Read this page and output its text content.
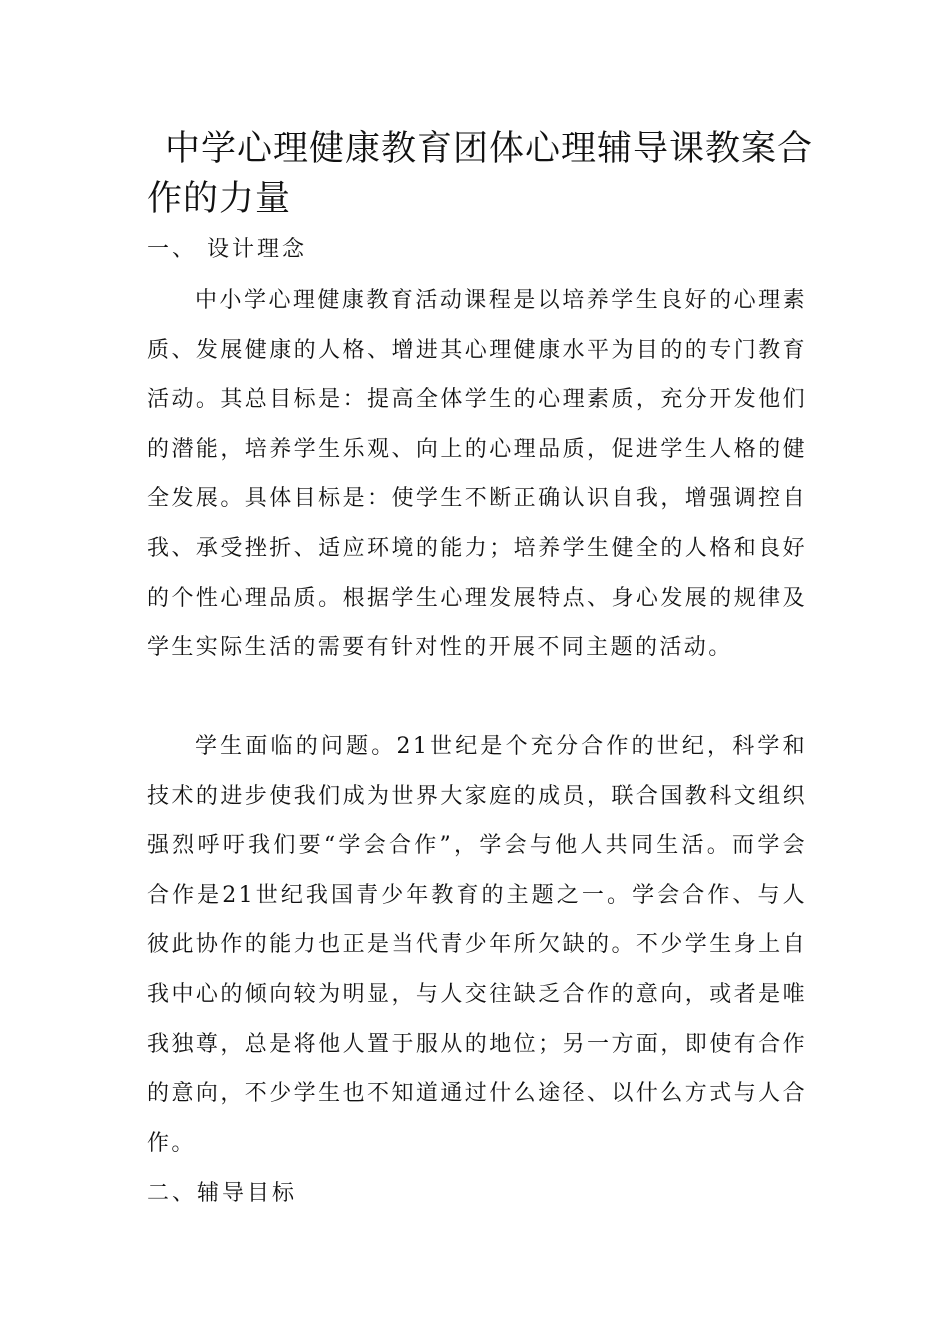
中学心理健康教育团体心理辅导课教案合作的力量
一、 设计理念

中小学心理健康教育活动课程是以培养学生良好的心理素质、发展健康的人格、增进其心理健康水平为目的的专门教育活动。其总目标是：提高全体学生的心理素质，充分开发他们的潜能，培养学生乐观、向上的心理品质，促进学生人格的健全发展。具体目标是：使学生不断正确认识自我，增强调控自我、承受挫折、适应环境的能力；培养学生健全的人格和良好的个性心理品质。根据学生心理发展特点、身心发展的规律及学生实际生活的需要有针对性的开展不同主题的活动。

学生面临的问题。21世纪是个充分合作的世纪，科学和技术的进步使我们成为世界大家庭的成员，联合国教科文组织强烈呼吁我们要“学会合作”，学会与他人共同生活。而学会合作是21世纪我国青少年教育的主题之一。学会合作、与人彼此协作的能力也正是当代青少年所欠缺的。不少学生身上自我中心的倾向较为明显，与人交往缺乏合作的意向，或者是唯我独尊，总是将他人置于服从的地位；另一方面，即使有合作的意向，不少学生也不知道通过什么途径、以什么方式与人合作。

二、辅导目标
